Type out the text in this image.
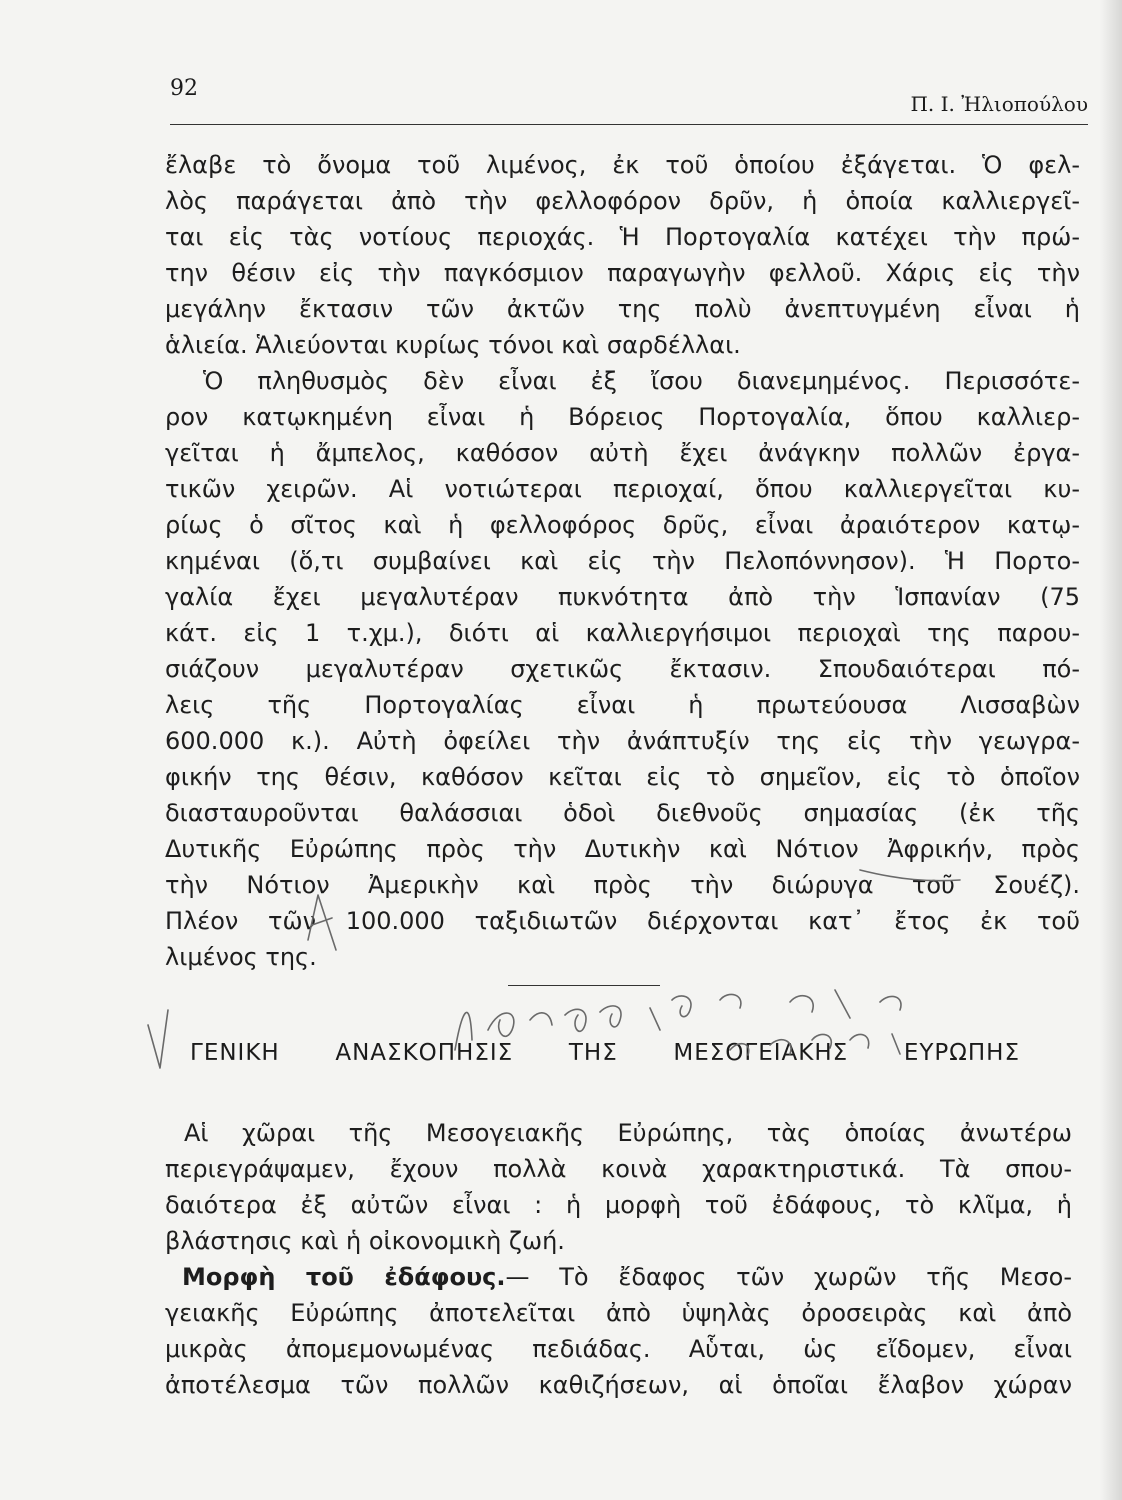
92
Π. Ι. Ἠλιοπούλου

ἔλαβε τὸ ὄνομα τοῦ λιμένος, ἐκ τοῦ ὁποίου ἐξάγεται. Ὁ φελ-

λὸς παράγεται ἀπὸ τὴν φελλοφόρον δρῦν, ἡ ὁποία καλλιεργεῖ-

ται εἰς τὰς νοτίους περιοχάς. Ἡ Πορτογαλία κατέχει τὴν πρώ-

την θέσιν εἰς τὴν παγκόσμιον παραγωγὴν φελλοῦ. Χάρις εἰς τὴν

μεγάλην ἔκτασιν τῶν ἀκτῶν της πολὺ ἀνεπτυγμένη εἶναι ἡ

ἁλιεία. Ἁλιεύονται κυρίως τόνοι καὶ σαρδέλλαι.

Ὁ πληθυσμὸς δὲν εἶναι ἐξ ἴσου διανεμημένος. Περισσότε-

ρον κατῳκημένη εἶναι ἡ Βόρειος Πορτογαλία, ὅπου καλλιερ-

γεῖται ἡ ἄμπελος, καθόσον αὐτὴ ἔχει ἀνάγκην πολλῶν ἐργα-

τικῶν χειρῶν. Αἱ νοτιώτεραι περιοχαί, ὅπου καλλιεργεῖται κυ-

ρίως ὁ σῖτος καὶ ἡ φελλοφόρος δρῦς, εἶναι ἀραιότερον κατῳ-

κημέναι (ὅ,τι συμβαίνει καὶ εἰς τὴν Πελοπόννησον). Ἡ Πορτο-

γαλία ἔχει μεγαλυτέραν πυκνότητα ἀπὸ τὴν Ἱσπανίαν (75

κάτ. εἰς 1 τ.χμ.), διότι αἱ καλλιεργήσιμοι περιοχαὶ της παρου-

σιάζουν μεγαλυτέραν σχετικῶς ἔκτασιν. Σπουδαιότεραι πό-

λεις τῆς Πορτογαλίας εἶναι ἡ πρωτεύουσα Λισσαβὼν

600.000 κ.). Αὐτὴ ὀφείλει τὴν ἀνάπτυξίν της εἰς τὴν γεωγρα-

φικήν της θέσιν, καθόσον κεῖται εἰς τὸ σημεῖον, εἰς τὸ ὁποῖον

διασταυροῦνται θαλάσσιαι ὁδοὶ διεθνοῦς σημασίας (ἐκ τῆς

Δυτικῆς Εὐρώπης πρὸς τὴν Δυτικὴν καὶ Νότιον Ἀφρικήν, πρὸς

τὴν Νότιον Ἀμερικὴν καὶ πρὸς τὴν διώρυγα τοῦ Σουέζ).

Πλέον τῶν 100.000 ταξιδιωτῶν διέρχονται κατ᾿ ἔτος ἐκ τοῦ

λιμένος της.

ΓΕΝΙΚΗ ΑΝΑΣΚΟΠΗΣΙΣ ΤΗΣ ΜΕΣΟΓΕΙΑΚΗΣ ΕΥΡΩΠΗΣ

Αἱ χῶραι τῆς Μεσογειακῆς Εὐρώπης, τὰς ὁποίας ἀνωτέρω

περιεγράψαμεν, ἔχουν πολλὰ κοινὰ χαρακτηριστικά. Τὰ σπου-

δαιότερα ἐξ αὐτῶν εἶναι : ἡ μορφὴ τοῦ ἐδάφους, τὸ κλῖμα, ἡ

βλάστησις καὶ ἡ οἰκονομικὴ ζωή.

Μορφὴ τοῦ ἐδάφους.— Τὸ ἔδαφος τῶν χωρῶν τῆς Μεσο-

γειακῆς Εὐρώπης ἀποτελεῖται ἀπὸ ὑψηλὰς ὀροσειρὰς καὶ ἀπὸ

μικρὰς ἀπομεμονωμένας πεδιάδας. Αὗται, ὡς εἴδομεν, εἶναι

ἀποτέλεσμα τῶν πολλῶν καθιζήσεων, αἱ ὁποῖαι ἔλαβον χώραν
